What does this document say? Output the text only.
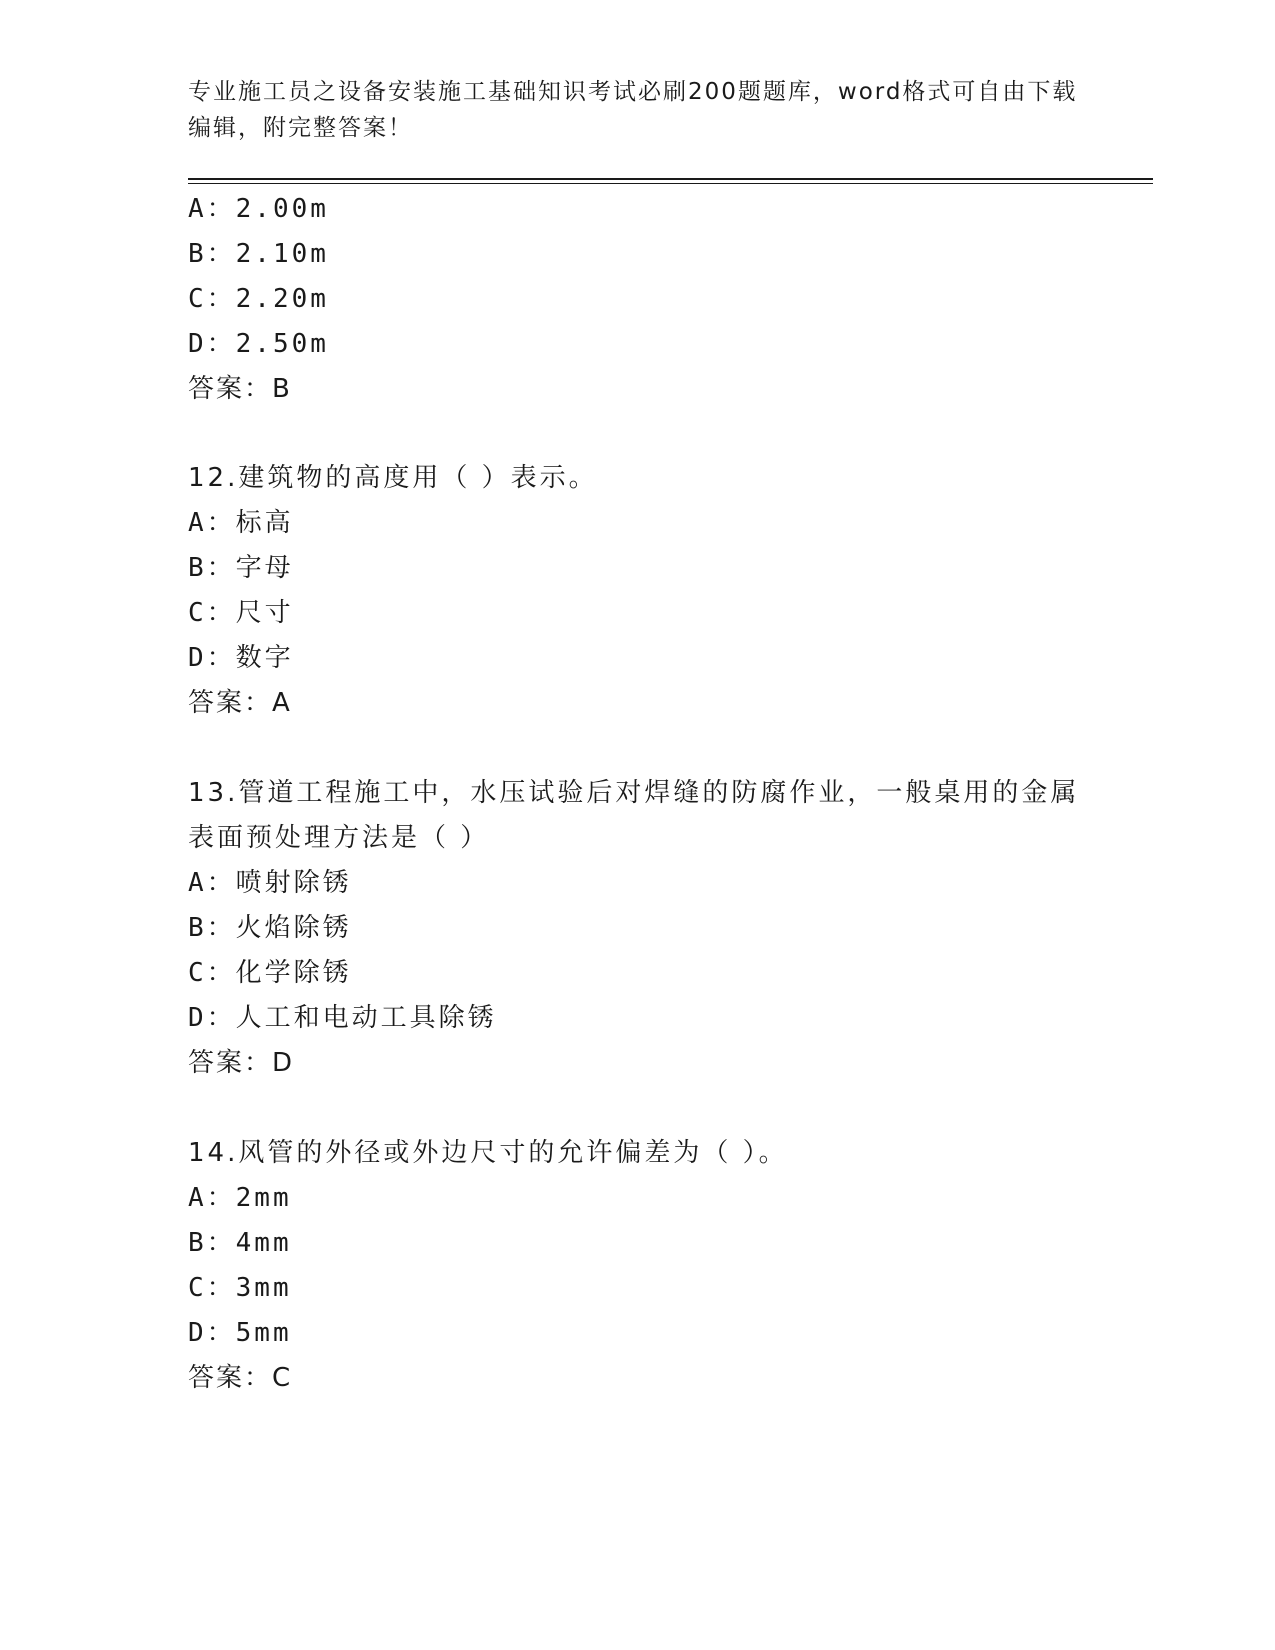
专业施工员之设备安装施工基础知识考试必刷200题题库，word格式可自由下载
编辑，附完整答案！
A：2.00m
B：2.10m
C：2.20m
D：2.50m
答案：B
12.建筑物的高度用（ ）表示。
A：标高
B：字母
C：尺寸
D：数字
答案：A
13.管道工程施工中，水压试验后对焊缝的防腐作业，一般桌用的金属
表面预处理方法是（ ）
A：喷射除锈
B：火焰除锈
C：化学除锈
D：人工和电动工具除锈
答案：D
14.风管的外径或外边尺寸的允许偏差为（ ）。
A：2mm
B：4mm
C：3mm
D：5mm
答案：C
